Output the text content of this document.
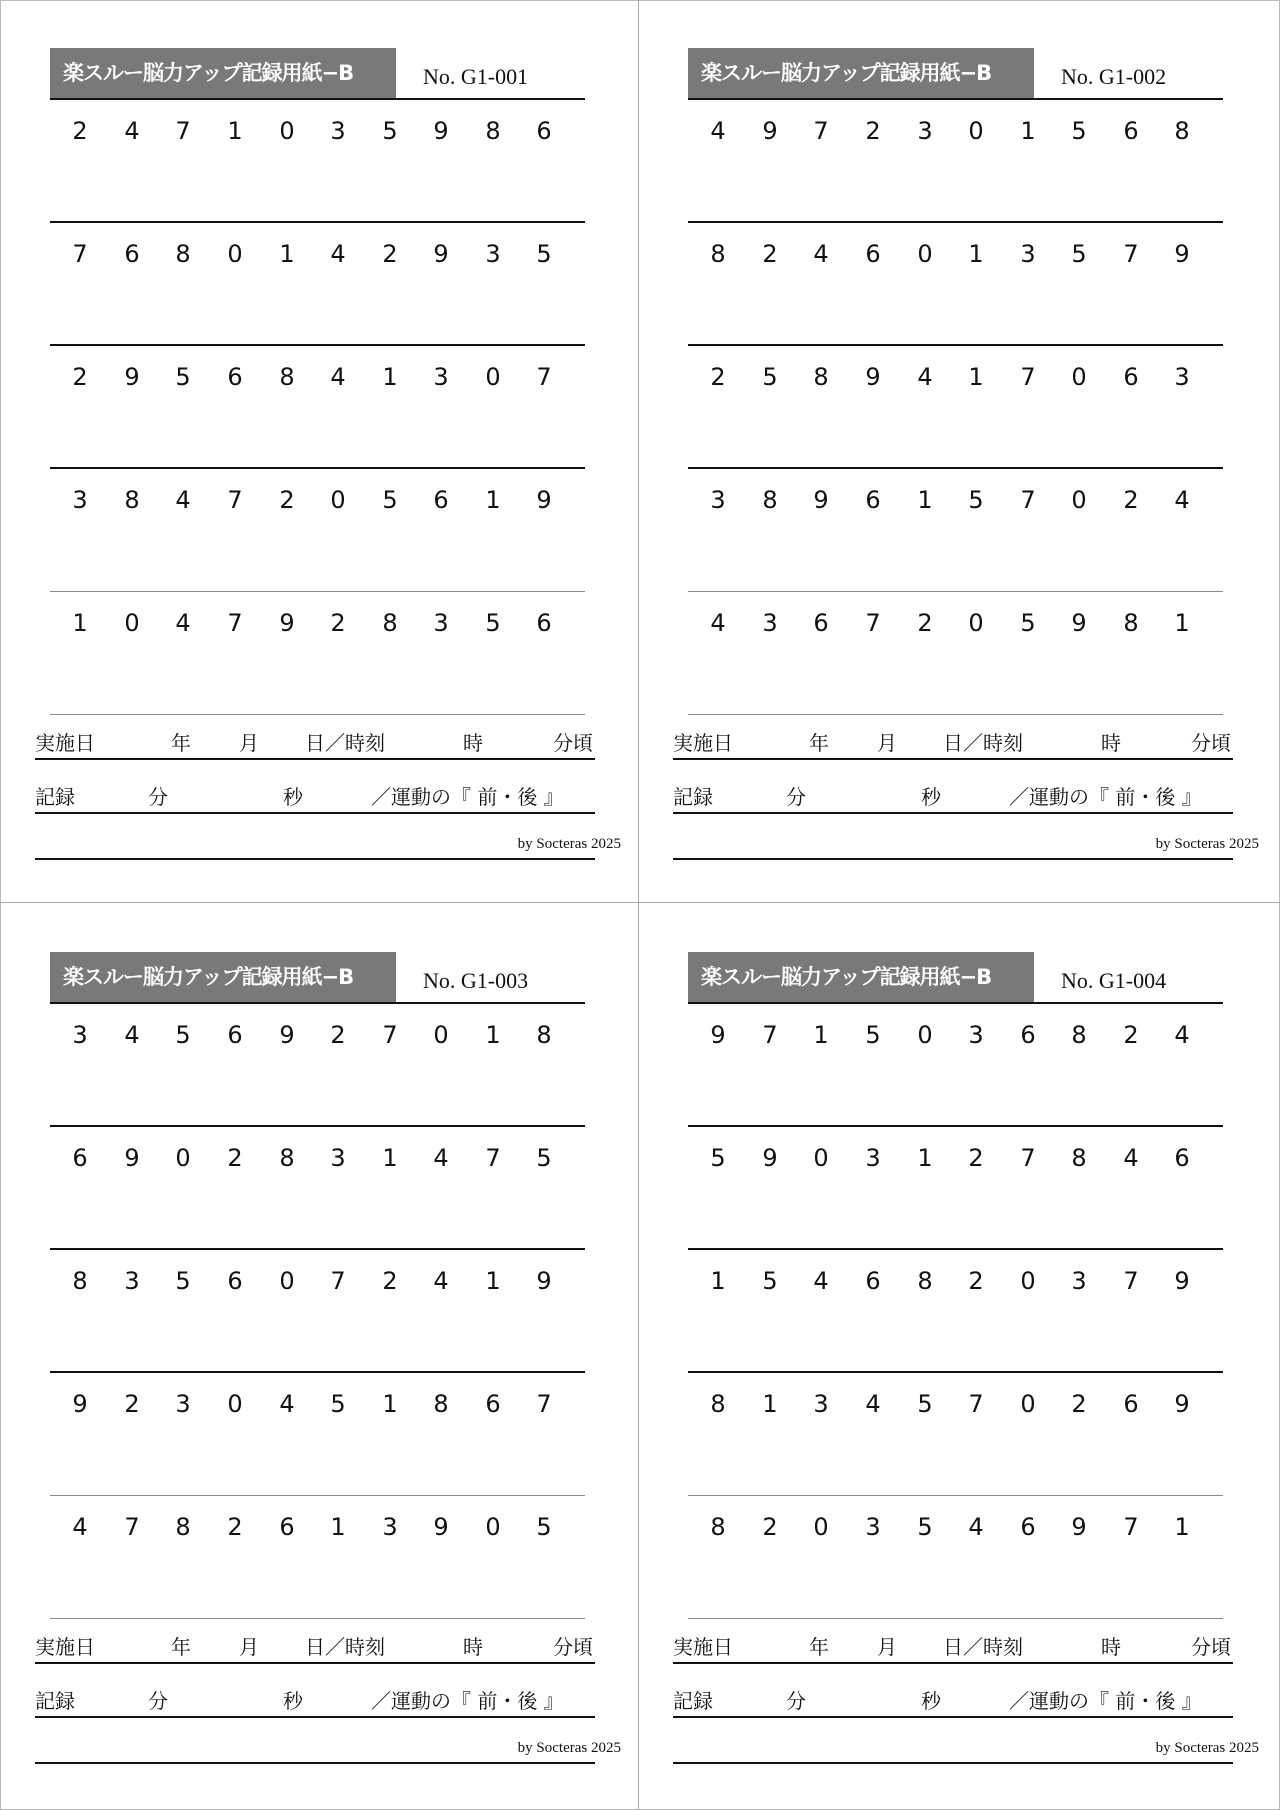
楽スルー脳力アップ記録用紙−B	No. G1-001
2	4	7	1	0	3	5	9	8	6
7	6	8	0	1	4	2	9	3	5
2	9	5	6	8	4	1	3	0	7
3	8	4	7	2	0	5	6	1	9
1	0	4	7	9	2	8	3	5	6
実施日	年 月 日／時刻	時	分頃
記録	分	秒	／運動の『 前・後 』
by Socteras 2025
楽スルー脳力アップ記録用紙−B	No. G1-002
4	9	7	2	3	0	1	5	6	8
8	2	4	6	0	1	3	5	7	9
2	5	8	9	4	1	7	0	6	3
3	8	9	6	1	5	7	0	2	4
4	3	6	7	2	0	5	9	8	1
実施日	年 月 日／時刻	時	分頃
記録	分	秒	／運動の『 前・後 』
by Socteras 2025
楽スルー脳力アップ記録用紙−B	No. G1-003
3	4	5	6	9	2	7	0	1	8
6	9	0	2	8	3	1	4	7	5
8	3	5	6	0	7	2	4	1	9
9	2	3	0	4	5	1	8	6	7
4	7	8	2	6	1	3	9	0	5
実施日	年 月 日／時刻	時	分頃
記録	分	秒	／運動の『 前・後 』
by Socteras 2025
楽スルー脳力アップ記録用紙−B	No. G1-004
9	7	1	5	0	3	6	8	2	4
5	9	0	3	1	2	7	8	4	6
1	5	4	6	8	2	0	3	7	9
8	1	3	4	5	7	0	2	6	9
8	2	0	3	5	4	6	9	7	1
実施日	年 月 日／時刻	時	分頃
記録	分	秒	／運動の『 前・後 』
by Socteras 2025
